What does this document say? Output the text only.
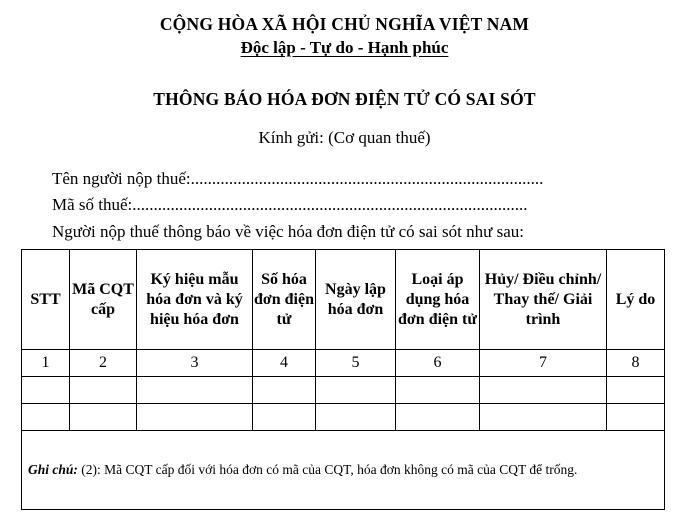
CỘNG HÒA XÃ HỘI CHỦ NGHĨA VIỆT NAM
Độc lập - Tự do - Hạnh phúc
THÔNG BÁO HÓA ĐƠN ĐIỆN TỬ CÓ SAI SÓT
Kính gửi: (Cơ quan thuế)
Tên người nộp thuế:...................................................................................
Mã số thuế:.............................................................................................
Người nộp thuế thông báo về việc hóa đơn điện tử có sai sót như sau:
STT	Mã CQT cấp	Ký hiệu mẫu hóa đơn và ký hiệu hóa đơn	Số hóa đơn điện tử	Ngày lập hóa đơn	Loại áp dụng hóa đơn điện tử	Hủy/ Điều chỉnh/ Thay thế/ Giải trình	Lý do
1	2	3	4	5	6	7	8

Ghi chú: (2): Mã CQT cấp đối với hóa đơn có mã của CQT, hóa đơn không có mã của CQT để trống.							
